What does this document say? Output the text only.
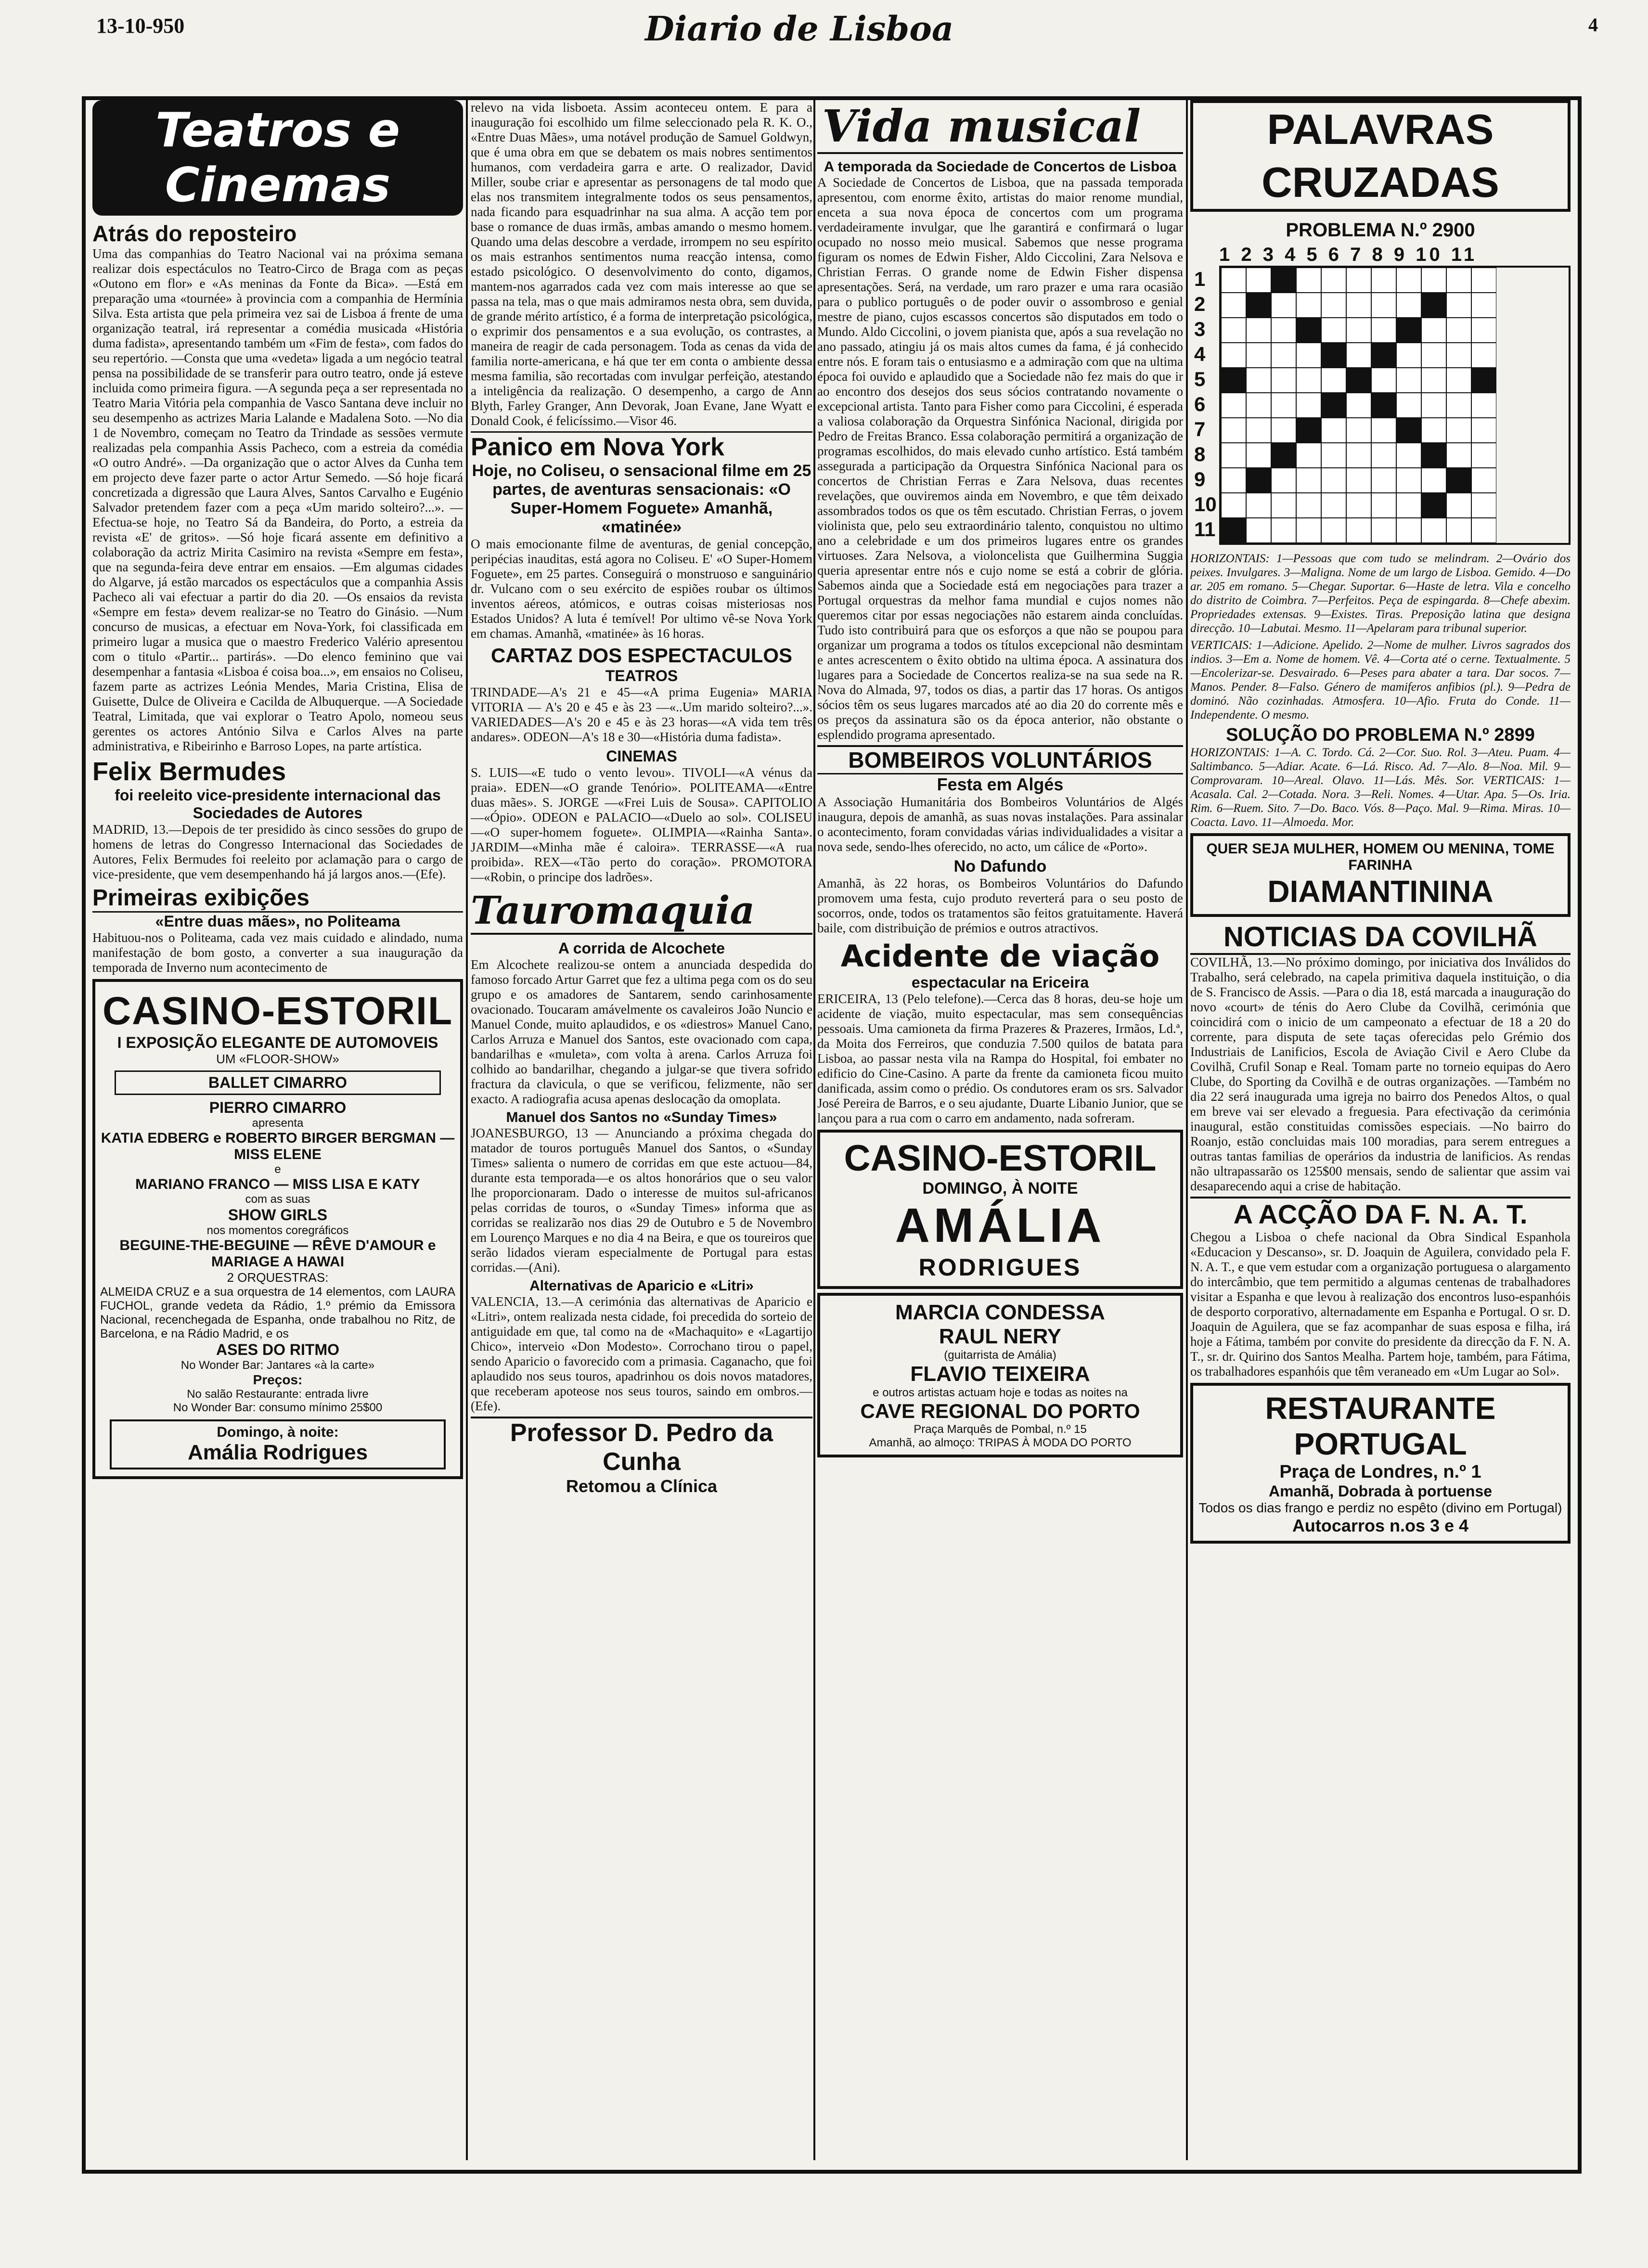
13-10-950	Diario de Lisboa	4
Teatros e Cinemas
Atrás do reposteiro

Uma das companhias do Teatro Nacional vai na próxima semana realizar dois espectáculos no Teatro-Circo de Braga com as peças «Outono em flor» e «As meninas da Fonte da Bica». —Está em preparação uma «tournée» à provincia com a companhia de Hermínia Silva. Esta artista que pela primeira vez sai de Lisboa á frente de uma organização teatral, irá representar a comédia musicada «História duma fadista», apresentando também um «Fim de festa», com fados do seu repertório. —Consta que uma «vedeta» ligada a um negócio teatral pensa na possibilidade de se transferir para outro teatro, onde já esteve incluida como primeira figura. —A segunda peça a ser representada no Teatro Maria Vitória pela companhia de Vasco Santana deve incluir no seu desempenho as actrizes Maria Lalande e Madalena Soto. —No dia 1 de Novembro, começam no Teatro da Trindade as sessões vermute realizadas pela companhia Assis Pacheco, com a estreia da comédia «O outro André». —Da organização que o actor Alves da Cunha tem em projecto deve fazer parte o actor Artur Semedo. —Só hoje ficará concretizada a digressão que Laura Alves, Santos Carvalho e Eugénio Salvador pretendem fazer com a peça «Um marido solteiro?...». —Efectua-se hoje, no Teatro Sá da Bandeira, do Porto, a estreia da revista «E' de gritos». —Só hoje ficará assente em definitivo a colaboração da actriz Mirita Casimiro na revista «Sempre em festa», que na segunda-feira deve entrar em ensaios. —Em algumas cidades do Algarve, já estão marcados os espectáculos que a companhia Assis Pacheco ali vai efectuar a partir do dia 20. —Os ensaios da revista «Sempre em festa» devem realizar-se no Teatro do Ginásio. —Num concurso de musicas, a efectuar em Nova-York, foi classificada em primeiro lugar a musica que o maestro Frederico Valério apresentou com o titulo «Partir... partirás». —Do elenco feminino que vai desempenhar a fantasia «Lisboa é coisa boa...», em ensaios no Coliseu, fazem parte as actrizes Leónia Mendes, Maria Cristina, Elisa de Guisette, Dulce de Oliveira e Cacilda de Albuquerque. —A Sociedade Teatral, Limitada, que vai explorar o Teatro Apolo, nomeou seus gerentes os actores António Silva e Carlos Alves na parte administrativa, e Ribeirinho e Barroso Lopes, na parte artística.

Felix Bermudes
foi reeleito vice-presidente internacional das Sociedades de Autores

MADRID, 13.—Depois de ter presidido às cinco sessões do grupo de homens de letras do Congresso Internacional das Sociedades de Autores, Felix Bermudes foi reeleito por aclamação para o cargo de vice-presidente, que vem desempenhando há já largos anos.—(Efe).

Primeiras exibições
«Entre duas mães», no Politeama

Habituou-nos o Politeama, cada vez mais cuidado e alindado, numa manifestação de bom gosto, a converter a sua inauguração da temporada de Inverno num acontecimento de

CASINO-ESTORIL
I EXPOSIÇÃO ELEGANTE DE AUTOMOVEIS
UM «FLOOR-SHOW»
BALLET CIMARRO
PIERRO CIMARRO
apresenta
KATIA EDBERG e ROBERTO BIRGER BERGMAN — MISS ELENE
e
MARIANO FRANCO — MISS LISA E KATY
com as suas
SHOW GIRLS
nos momentos coregráficos
BEGUINE-THE-BEGUINE — RÊVE D'AMOUR e MARIAGE A HAWAI
2 ORQUESTRAS:
ALMEIDA CRUZ e a sua orquestra de 14 elementos, com LAURA FUCHOL, grande vedeta da Rádio, 1.º prémio da Emissora Nacional, recenchegada de Espanha, onde trabalhou no Ritz, de Barcelona, e na Rádio Madrid, e os
ASES DO RITMO
No Wonder Bar: Jantares «à la carte»
Preços:
No salão Restaurante: entrada livre
No Wonder Bar: consumo mínimo 25$00
Domingo, à noite:
Amália Rodrigues

relevo na vida lisboeta. Assim aconteceu ontem. E para a inauguração foi escolhido um filme seleccionado pela R. K. O., «Entre Duas Mães», uma notável produção de Samuel Goldwyn, que é uma obra em que se debatem os mais nobres sentimentos humanos, com verdadeira garra e arte. O realizador, David Miller, soube criar e apresentar as personagens de tal modo que elas nos transmitem integralmente todos os seus pensamentos, nada ficando para esquadrinhar na sua alma. A acção tem por base o romance de duas irmãs, ambas amando o mesmo homem. Quando uma delas descobre a verdade, irrompem no seu espírito os mais estranhos sentimentos numa reacção intensa, como estado psicológico. O desenvolvimento do conto, digamos, mantem-nos agarrados cada vez com mais interesse ao que se passa na tela, mas o que mais admiramos nesta obra, sem duvida, de grande mérito artístico, é a forma de interpretação psicológica, o exprimir dos pensamentos e a sua evolução, os contrastes, a maneira de reagir de cada personagem. Toda as cenas da vida de familia norte-americana, e há que ter em conta o ambiente dessa mesma familia, são recortadas com invulgar perfeição, atestando a inteligência da realização. O desempenho, a cargo de Ann Blyth, Farley Granger, Ann Devorak, Joan Evane, Jane Wyatt e Donald Cook, é felicíssimo.—Visor 46.

Panico em Nova York
Hoje, no Coliseu, o sensacional filme em 25 partes, de aventuras sensacionais: «O Super-Homem Foguete» Amanhã, «matinée»

O mais emocionante filme de aventuras, de genial concepção, peripécias inauditas, está agora no Coliseu. E' «O Super-Homem Foguete», em 25 partes. Conseguirá o monstruoso e sanguinário dr. Vulcano com o seu exército de espiões roubar os últimos inventos aéreos, atómicos, e outras coisas misteriosas nos Estados Unidos? A luta é temível! Por ultimo vê-se Nova York em chamas. Amanhã, «matinée» às 16 horas.

CARTAZ DOS ESPECTACULOS
TEATROS

TRINDADE—A's 21 e 45—«A prima Eugenia» MARIA VITORIA — A's 20 e 45 e às 23 —«..Um marido solteiro?...». VARIEDADES—A's 20 e 45 e às 23 horas—«A vida tem três andares». ODEON—A's 18 e 30—«História duma fadista».

CINEMAS

S. LUIS—«E tudo o vento levou». TIVOLI—«A vénus da praia». EDEN—«O grande Tenório». POLITEAMA—«Entre duas mães». S. JORGE —«Frei Luis de Sousa». CAPITOLIO—«Ópio». ODEON e PALACIO—«Duelo ao sol». COLISEU—«O super-homem foguete». OLIMPIA—«Rainha Santa». JARDIM—«Minha mãe é caloira». TERRASSE—«A rua proibida». REX—«Tão perto do coração». PROMOTORA—«Robin, o principe dos ladrões».

Tauromaquia
A corrida de Alcochete

Em Alcochete realizou-se ontem a anunciada despedida do famoso forcado Artur Garret que fez a ultima pega com os do seu grupo e os amadores de Santarem, sendo carinhosamente ovacionado. Toucaram amávelmente os cavaleiros João Nuncio e Manuel Conde, muito aplaudidos, e os «diestros» Manuel Cano, Carlos Arruza e Manuel dos Santos, este ovacionado com capa, bandarilhas e «muleta», com volta à arena. Carlos Arruza foi colhido ao bandarilhar, chegando a julgar-se que tivera sofrido fractura da clavicula, o que se verificou, felizmente, não ser exacto. A radiografia acusa apenas deslocação da omoplata.

Manuel dos Santos no «Sunday Times»

JOANESBURGO, 13 — Anunciando a próxima chegada do matador de touros português Manuel dos Santos, o «Sunday Times» salienta o numero de corridas em que este actuou—84, durante esta temporada—e os altos honorários que o seu valor lhe proporcionaram. Dado o interesse de muitos sul-africanos pelas corridas de touros, o «Sunday Times» informa que as corridas se realizarão nos dias 29 de Outubro e 5 de Novembro em Lourenço Marques e no dia 4 na Beira, e que os toureiros que serão lidados vieram especialmente de Portugal para estas corridas.—(Ani).

Alternativas de Aparicio e «Litri»

VALENCIA, 13.—A cerimónia das alternativas de Aparicio e «Litri», ontem realizada nesta cidade, foi precedida do sorteio de antiguidade em que, tal como na de «Machaquito» e «Lagartijo Chico», interveio «Don Modesto». Corrochano tirou o papel, sendo Aparicio o favorecido com a primasia. Caganacho, que foi aplaudido nos seus touros, apadrinhou os dois novos matadores, que receberam apoteose nos seus touros, saindo em ombros.—(Efe).

Professor D. Pedro da Cunha
Retomou a Clínica
Vida musical
A temporada da Sociedade de Concertos de Lisboa

A Sociedade de Concertos de Lisboa, que na passada temporada apresentou, com enorme êxito, artistas do maior renome mundial, enceta a sua nova época de concertos com um programa verdadeiramente invulgar, que lhe garantirá e confirmará o lugar ocupado no nosso meio musical. Sabemos que nesse programa figuram os nomes de Edwin Fisher, Aldo Ciccolini, Zara Nelsova e Christian Ferras. O grande nome de Edwin Fisher dispensa apresentações. Será, na verdade, um raro prazer e uma rara ocasião para o publico português o de poder ouvir o assombroso e genial mestre de piano, cujos escassos concertos são disputados em todo o Mundo. Aldo Ciccolini, o jovem pianista que, após a sua revelação no ano passado, atingiu já os mais altos cumes da fama, é já conhecido entre nós. E foram tais o entusiasmo e a admiração com que na ultima época foi ouvido e aplaudido que a Sociedade não fez mais do que ir ao encontro dos desejos dos seus sócios contratando novamente o excepcional artista. Tanto para Fisher como para Ciccolini, é esperada a valiosa colaboração da Orquestra Sinfónica Nacional, dirigida por Pedro de Freitas Branco. Essa colaboração permitirá a organização de programas escolhidos, do mais elevado cunho artístico. Está também assegurada a participação da Orquestra Sinfónica Nacional para os concertos de Christian Ferras e Zara Nelsova, duas recentes revelações, que ouviremos ainda em Novembro, e que têm deixado assombrados todos os que os têm escutado. Christian Ferras, o jovem violinista que, pelo seu extraordinário talento, conquistou no ultimo ano a celebridade e um dos primeiros lugares entre os grandes virtuoses. Zara Nelsova, a violoncelista que Guilhermina Suggia queria apresentar entre nós e cujo nome se está a cobrir de glória. Sabemos ainda que a Sociedade está em negociações para trazer a Portugal orquestras da melhor fama mundial e cujos nomes não queremos citar por essas negociações não estarem ainda concluídas. Tudo isto contribuirá para que os esforços a que não se poupou para organizar um programa a todos os títulos excepcional não desmintam e antes acrescentem o êxito obtido na ultima época. A assinatura dos lugares para a Sociedade de Concertos realiza-se na sua sede na R. Nova do Almada, 97, todos os dias, a partir das 17 horas. Os antigos sócios têm os seus lugares marcados até ao dia 20 do corrente mês e os preços da assinatura são os da época anterior, não obstante o esplendido programa apresentado.

BOMBEIROS VOLUNTÁRIOS
Festa em Algés

A Associação Humanitária dos Bombeiros Voluntários de Algés inaugura, depois de amanhã, as suas novas instalações. Para assinalar o acontecimento, foram convidadas várias individualidades a visitar a nova sede, sendo-lhes oferecido, no acto, um cálice de «Porto».

No Dafundo

Amanhã, às 22 horas, os Bombeiros Voluntários do Dafundo promovem uma festa, cujo produto reverterá para o seu posto de socorros, onde, todos os tratamentos são feitos gratuitamente. Haverá baile, com distribuição de prémios e outros atractivos.

Acidente de viação
espectacular na Ericeira

ERICEIRA, 13 (Pelo telefone).—Cerca das 8 horas, deu-se hoje um acidente de viação, muito espectacular, mas sem consequências pessoais. Uma camioneta da firma Prazeres & Prazeres, Irmãos, Ld.ª, da Moita dos Ferreiros, que conduzia 7.500 quilos de batata para Lisboa, ao passar nesta vila na Rampa do Hospital, foi embater no edificio do Cine-Casino. A parte da frente da camioneta ficou muito danificada, assim como o prédio. Os condutores eram os srs. Salvador José Pereira de Barros, e o seu ajudante, Duarte Libanio Junior, que se lançou para a rua com o carro em andamento, nada sofreram.

CASINO-ESTORIL
DOMINGO, À NOITE
AMÁLIA
RODRIGUES
MARCIA CONDESSA
RAUL NERY
(guitarrista de Amália)
FLAVIO TEIXEIRA
e outros artistas actuam hoje e todas as noites na
CAVE REGIONAL DO PORTO
Praça Marquês de Pombal, n.º 15
Amanhã, ao almoço: TRIPAS À MODA DO PORTO
PALAVRAS CRUZADAS
PROBLEMA N.º 2900
1 2 3 4 5 6 7 8 9 10 11
1
2
3
4
5
6
7
8
9
10
11

HORIZONTAIS: 1—Pessoas que com tudo se melindram. 2—Ovário dos peixes. Invulgares. 3—Maligna. Nome de um largo de Lisboa. Gemido. 4—Do ar. 205 em romano. 5—Chegar. Suportar. 6—Haste de letra. Vila e concelho do distrito de Coimbra. 7—Perfeitos. Peça de espingarda. 8—Chefe abexim. Propriedades extensas. 9—Existes. Tiras. Preposição latina que designa direcção. 10—Labutai. Mesmo. 11—Apelaram para tribunal superior.

VERTICAIS: 1—Adicione. Apelido. 2—Nome de mulher. Livros sagrados dos indios. 3—Em a. Nome de homem. Vê. 4—Corta até o cerne. Textualmente. 5—Encolerizar-se. Desvairado. 6—Peses para abater a tara. Dar socos. 7—Manos. Pender. 8—Falso. Género de mamiferos anfibios (pl.). 9—Pedra de dominó. Não cozinhadas. Atmosfera. 10—Afio. Fruta do Conde. 11—Independente. O mesmo.

SOLUÇÃO DO PROBLEMA N.º 2899

HORIZONTAIS: 1—A. C. Tordo. Cá. 2—Cor. Suo. Rol. 3—Ateu. Puam. 4—Saltimbanco. 5—Adiar. Acate. 6—Lá. Risco. Ad. 7—Alo. 8—Noa. Mil. 9—Comprovaram. 10—Areal. Olavo. 11—Lás. Mês. Sor. VERTICAIS: 1—Acasala. Cal. 2—Cotada. Nora. 3—Reli. Nomes. 4—Utar. Apa. 5—Os. Iria. Rim. 6—Ruem. Sito. 7—Do. Baco. Vós. 8—Paço. Mal. 9—Rima. Miras. 10—Coacta. Lavo. 11—Almoeda. Mor.

QUER SEJA MULHER, HOMEM OU MENINA, TOME FARINHA
DIAMANTININA
NOTICIAS DA COVILHÃ

COVILHÃ, 13.—No próximo domingo, por iniciativa dos Inválidos do Trabalho, será celebrado, na capela primitiva daquela instituição, o dia de S. Francisco de Assis. —Para o dia 18, está marcada a inauguração do novo «court» de ténis do Aero Clube da Covilhã, cerimónia que coincidirá com o inicio de um campeonato a efectuar de 18 a 20 do corrente, para disputa de sete taças oferecidas pelo Grémio dos Industriais de Lanificios, Escola de Aviação Civil e Aero Clube da Covilhã, Crufil Sonap e Real. Tomam parte no torneio equipas do Aero Clube, do Sporting da Covilhã e de outras organizações. —Também no dia 22 será inaugurada uma igreja no bairro dos Penedos Altos, o qual em breve vai ser elevado a freguesia. Para efectivação da cerimónia inaugural, estão constituidas comissões especiais. —No bairro do Roanjo, estão concluidas mais 100 moradias, para serem entregues a outras tantas familias de operários da industria de lanificios. As rendas não ultrapassarão os 125$00 mensais, sendo de salientar que assim vai desaparecendo aqui a crise de habitação.

A ACÇÃO DA F. N. A. T.

Chegou a Lisboa o chefe nacional da Obra Sindical Espanhola «Educacion y Descanso», sr. D. Joaquin de Aguilera, convidado pela F. N. A. T., e que vem estudar com a organização portuguesa o alargamento do intercâmbio, que tem permitido a algumas centenas de trabalhadores visitar a Espanha e que levou à realização dos encontros luso-espanhóis de desporto corporativo, alternadamente em Espanha e Portugal. O sr. D. Joaquin de Aguilera, que se faz acompanhar de suas esposa e filha, irá hoje a Fátima, também por convite do presidente da direcção da F. N. A. T., sr. dr. Quirino dos Santos Mealha. Partem hoje, também, para Fátima, os trabalhadores espanhóis que têm veraneado em «Um Lugar ao Sol».

RESTAURANTE PORTUGAL
Praça de Londres, n.º 1
Amanhã, Dobrada à portuense
Todos os dias frango e perdiz no espêto (divino em Portugal)
Autocarros n.os 3 e 4
